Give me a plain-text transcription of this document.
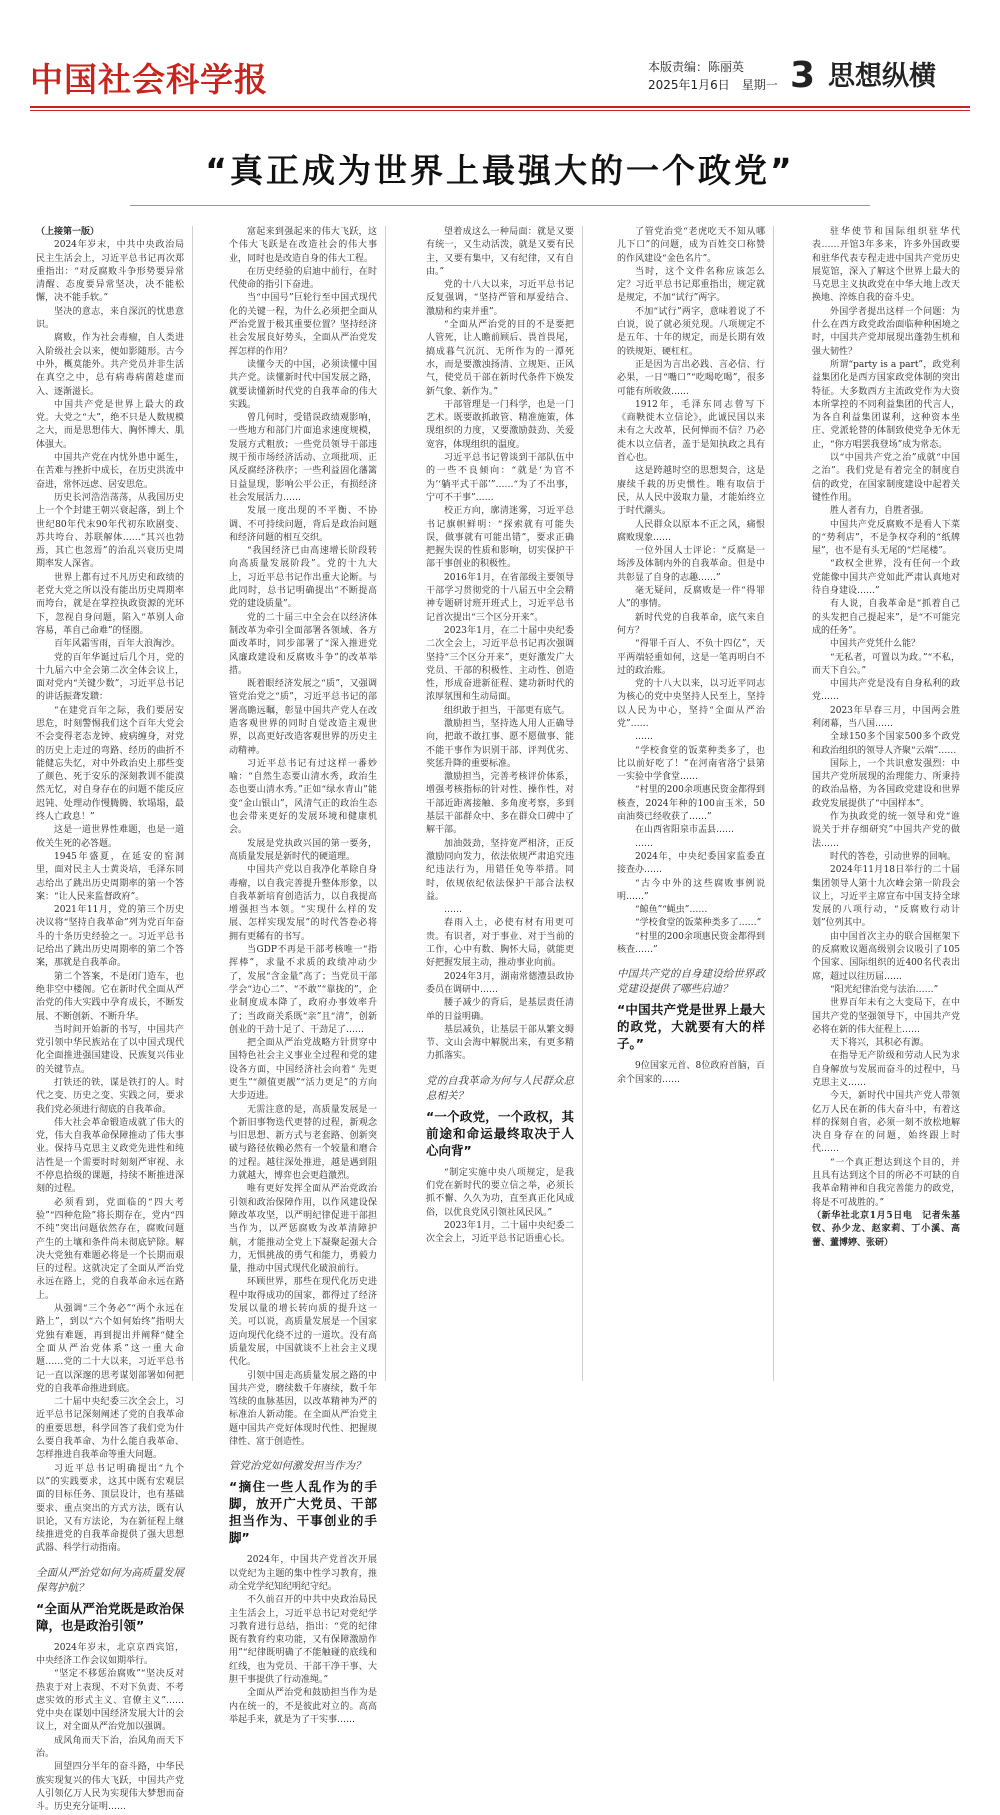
中国社会科学报	本版责编：陈丽英
2025年1月6日　星期一 3 思想纵横
“真正成为世界上最强大的一个政党”

（上接第一版）

2024年岁末，中共中央政治局民主生活会上，习近平总书记再次郑重指出：“对反腐败斗争形势要异常清醒、态度要异常坚决，决不能松懈，决不能手软。”

坚决的意志，来自深沉的忧患意识。

腐败，作为社会毒瘤，自人类进入阶级社会以来，便如影随形。古今中外，概莫能外。共产党员并非生活在真空之中，总有病毒病菌趁虚而入、逐渐滋长。

中国共产党是世界上最大的政党。大党之“大”，绝不只是人数规模之大，而是思想伟大、胸怀博大、肌体强大。

中国共产党在内忧外患中诞生，在苦难与挫折中成长，在历史洪流中奋进，常怀远虑、居安思危。

历史长河浩浩荡荡，从我国历史上一个个封建王朝兴衰起落，到上个世纪80年代末90年代初东欧剧变、苏共垮台、苏联解体……“其兴也勃焉，其亡也忽焉”的治乱兴衰历史周期率发人深省。

世界上都有过不凡历史和政绩的老党大党之所以没有能出历史周期率而垮台，就是在掌控执政资源的光环下，忽视自身问题，陷入“革别人命容易，革自己命难”的怪圈。

百年风霜雪雨，百年大浪淘沙。

党的百年华诞过后几个月，党的十九届六中全会第二次全体会议上，面对党内“关键少数”，习近平总书记的讲话振聋发聩：

“在建党百年之际，我们要居安思危，时刻警惕我们这个百年大党会不会变得老态龙钟、疲病缠身，对党的历史上走过的弯路、经历的曲折不能健忘失忆，对中外政治史上那些变了颜色、死于安乐的深刻教训不能漠然无忆，对自身存在的问题不能反应迟钝、处理动作慢腾腾、软塌塌，最终人亡政息！”

这是一道世界性难题，也是一道攸关生死的必答题。

1945年盛夏，在延安的窑洞里，面对民主人士黄炎培，毛泽东同志给出了跳出历史周期率的第一个答案：“让人民来监督政府”。

2021年11月，党的第三个历史决议将“坚持自我革命”列为党百年奋斗的十条历史经验之一。习近平总书记给出了跳出历史周期率的第二个答案，那就是自我革命。

第二个答案，不是闭门造车，也绝非空中楼阁。它在新时代全面从严治党的伟大实践中孕育成长，不断发展、不断创新、不断升华。

当时间开始新的书写，中国共产党引领中华民族站在了以中国式现代化全面推进强国建设、民族复兴伟业的关键节点。

打铁还的铁，谋是铁打的人。时代之变、历史之变、实践之问，要求我们党必须进行彻底的自我革命。

伟大社会革命锻造成就了伟大的党，伟大自我革命保障推动了伟大事业。保持马克思主义政党先进性和纯洁性是一个需要时时刻刻严审视、永不停息拾级的课题，持续不断推进深刻的过程。

必须看到，党面临的“四大考验”“四种危险”将长期存在，党内“四不纯”突出问题依然存在，腐败问题产生的土壤和条件尚未彻底铲除。解决大党独有难题必将是一个长期而艰巨的过程。这就决定了全面从严治党永远在路上，党的自我革命永远在路上。

从强调“三个务必”“两个永远在路上”，到以“六个如何始终”指明大党独有难题，再到提出并阐释“健全全面从严治党体系”这一重大命题……党的二十大以来，习近平总书记一直以深邃的思考谋划部署如何把党的自我革命推进到底。

二十届中央纪委三次全会上，习近平总书记深刻阐述了党的自我革命的重要思想，科学回答了我们党为什么要自我革命、为什么能自我革命、怎样推进自我革命等重大问题。

习近平总书记明确提出“九个以”的实践要求，这其中既有宏观层面的目标任务、顶层设计，也有基础要求、重点突出的方式方法，既有认识论，又有方法论，为在新征程上继续推进党的自我革命提供了强大思想武器、科学行动指南。

全面从严治党如何为高质量发展保驾护航？
“全面从严治党既是政治保障，也是政治引领”

2024年岁末，北京京西宾馆，中央经济工作会议如期举行。

“坚定不移惩治腐败”“坚决反对热衷于对上表现、不对下负责、不考虑实效的形式主义、官僚主义”……党中央在谋划中国经济发展大计的会议上，对全面从严治党加以强调。

成风角而天下治，治风角而天下治。

回望四分半年的奋斗路，中华民族实现复兴的伟大飞跃，中国共产党人引领亿万人民为实现伟大梦想而奋斗。历史充分证明……

富起来到强起来的伟大飞跃，这个伟大飞跃是在改造社会的伟大事业，同时也是改造自身的伟大工程。

在历史经验的启迪中前行，在时代使命的指引下奋进。

当“中国号”巨轮行至中国式现代化的关键一程，为什么必须把全面从严治党置于极其重要位置？坚持经济社会发展良好势头，全面从严治党发挥怎样的作用？

读懂今天的中国，必须读懂中国共产党。读懂新时代中国发展之路，就要读懂新时代党的自我革命的伟大实践。

曾几何时，受错误政绩观影响，一些地方和部门片面追求速度规模，发展方式粗放；一些党员领导干部违规干预市场经济活动、立项批项、正风反腐经济秩序；一些利益固化藩篱日益显现，影响公平公正，有损经济社会发展活力……

发展一度出现的不平衡、不协调、不可持续问题，背后是政治问题和经济问题的相互交织。

“我国经济已由高速增长阶段转向高质量发展阶段”。党的十九大上，习近平总书记作出重大论断。与此同时，总书记明确提出“不断提高党的建设质量”。

党的二十届三中全会在以经济体制改革为牵引全面部署各领域、各方面改革时，同步部署了“深入推进党风廉政建设和反腐败斗争”的改革举措。

既着眼经济发展之“质”，又强调管党治党之“质”，习近平总书记的部署高瞻远瞩，彰显中国共产党人在改造客观世界的同时自觉改造主观世界，以高更好改造客观世界的历史主动精神。

习近平总书记有过这样一番妙喻：“自然生态要山清水秀，政治生态也要山清水秀。”正如“绿水青山”能变“金山银山”，风清气正的政治生态也会带来更好的发展环境和健康机会。

发展是党执政兴国的第一要务，高质量发展是新时代的硬道理。

中国共产党以自我净化革除自身毒瘤，以自我完善提升整体形象，以自我革新培育创造活力，以自我提高增强担当本领。“实现什么样的发展、怎样实现发展”的时代答卷必将拥有更稀有的书写。

当GDP不再是干部考核唯一“指挥棒”，求量不求质的政绩冲动少了，发展“含金量”高了；当党员干部学会“边心二”、“不敢”“靠拢的”，企业制度成本降了，政府办事效率升了；当政商关系既“亲”且“清”，创新创业的干劲十足了、干劲足了……

把全面从严治党战略方针贯穿中国特色社会主义事业全过程和党的建设各方面，中国经济社会向着“ 先更更生”“颜值更靓”“活力更足”的方向大步迈进。

无需注意的是，高质量发展是一个新旧事物迭代更替的过程，新观念与旧思想、新方式与老套路、创新突破与路径依赖必然有一个较量和磨合的过程。越往深处推进，越是遇到阻力就越大，博弈也会更趋激烈。

唯有更好发挥全面从严治党政治引领和政治保障作用，以作风建设保障改革攻坚，以严明纪律促进干部担当作为，以严惩腐败为改革清障护航，才能推动全党上下凝聚起强大合力，无惧挑战的勇气和能力，勇毅力量，推动中国式现代化破浪前行。

环顾世界，那些在现代化历史进程中取得成功的国家，都得过了经济发展以量的增长转向质的提升这一关。可以说，高质量发展是一个国家迈向现代化绕不过的一道坎。没有高质量发展，中国就谈不上社会主义现代化。

引领中国走高质量发展之路的中国共产党，磨续数千年赓续，数千年笃续的血脉基因，以改革精神为严的标准治人新动能。在全面从严治党主题中国共产党好体现时代性、把握规律性、富于创造性。

管党治党如何激发担当作为？
“摘住一些人乱作为的手脚，放开广大党员、干部担当作为、干事创业的手脚”

2024年，中国共产党首次开展以党纪为主题的集中性学习教育，推动全党学纪知纪明纪守纪。

不久前召开的中共中央政治局民主生活会上，习近平总书记对党纪学习教育进行总结，指出：“党的纪律既有教育约束功能，又有保障激励作用”“纪律既明确了不能触碰的底线和红线，也为党员、干部干净干事、大胆干事提供了行动准绳。”

全面从严治党和鼓励担当作为是内在统一的，不是彼此对立的。高高举起手来，就是为了干实事……

望着成这么一种局面：就是又要有统一，又生动活泼，就是又要有民主，又要有集中，又有纪律，又有自由。”

党的十八大以来，习近平总书记反复强调，“坚持严管和厚爱结合、激励和约束并重”。

“全面从严治党的目的不是要把人管死，让人瞻前顾后、畏首畏尾，搞成暮气沉沉、无所作为的一潭死水，而是要激浊扬清、立规矩、正风气，使党员干部在新时代条件下焕发新气象、新作为。”

干部管理是一门科学，也是一门艺术。既要敢抓敢管、精准施策，体现组织的力度，又要激励鼓劲、关爱宽容，体现组织的温度。

习近平总书记曾谈到干部队伍中的一些不良倾向：“就是‘为官不为’‘躺平式干部’”……“为了不出事，宁可不干事”……

校正方向，廓清迷雾，习近平总书记旗帜鲜明：“探索就有可能失误，做事就有可能出错”，要求正确把握失误的性质和影响，切实保护干部干事创业的积极性。

2016年1月，在省部级主要领导干部学习贯彻党的十八届五中全会精神专题研讨班开班式上，习近平总书记首次提出“三个区分开来”。

2023年1月，在二十届中央纪委二次全会上，习近平总书记再次强调坚持“三个区分开来”，更好激发广大党员、干部的积极性、主动性、创造性，形成奋进新征程、建功新时代的浓厚氛围和生动局面。

组织敢于担当，干部更有底气。

激励担当，坚持选人用人正确导向，把敢不敢扛事、愿不愿做事、能不能干事作为识别干部、评判优劣、奖惩升降的重要标准。

激励担当，完善考核评价体系，增强考核指标的针对性、操作性，对干部近距离接触、多角度考察，多到基层干部群众中、多在群众口碑中了解干部。

加油鼓劲，坚持宽严相济，正反激励同向发力，依法依规严肃追究违纪违法行为，用错任免等举措。同时，依规依纪依法保护干部合法权益。

……

春雨入土，必使有材有用更可贵。有识者，对于事业、对于当前的工作，心中有数、胸怀大局，就能更好把握发展主动，推动事业向前。

2024年3月，湖南常德澧县政协委员在调研中……

腰子减少的背后，是基层责任清单的日益明确。

基层减负，让基层干部从繁文缛节、文山会海中解脱出来，有更多精力抓落实。

党的自我革命为何与人民群众息息相关？
“一个政党，一个政权，其前途和命运最终取决于人心向背”

“制定实施中央八项规定，是我们党在新时代的要立信之举，必须长抓不懈、久久为功，直至真正化风成俗，以优良党风引领社风民风。”

2023年1月，二十届中央纪委二次全会上，习近平总书记语重心长。

了管党治党“老虎吃天不知从哪儿下口”的问题，成为百姓交口称赞的作风建设“金色名片”。

当时，这个文件名称应该怎么定？习近平总书记郑重指出，规定就是规定，不加“试行”两字。

不加“试行”两字，意味着说了不白说，说了就必须兑现。八项规定不是五年、十年的规定，而是长期有效的铁规矩、硬杠杠。

正是因为言出必践、言必信、行必果，一日“嘴口”“吃喝吃喝”，很多可能有所收敛……

1912年，毛泽东同志曾写下《商鞅徙木立信论》，此诚民国以来未有之大改革，民何惮而不信？乃必徙木以立信者，盖于是知执政之具有首心也。

这是跨越时空的思想契合，这是赓续千载的历史惯性。唯有取信于民，从人民中汲取力量，才能始终立于时代潮头。

人民群众以原本不正之风，痛恨腐败现象……

一位外国人士评论：“反腐是一场涉及体制内外的自我革命。但是中共彰显了自身的志趣……”

毫无疑问，反腐败是一件“得罪人”的事情。

新时代党的自我革命，底气来自何方？

“得罪千百人、不负十四亿”，天平两端轻重如何，这是一笔再明白不过的政治账。

党的十八大以来，以习近平同志为核心的党中央坚持人民至上，坚持以人民为中心，坚持“全面从严治党”……

……

“学校食堂的饭菜种类多了，也比以前好吃了！”在河南省洛宁县第一实验中学食堂……

“村里的200余项惠民资金都得到核查，2024年种的100亩玉米，50亩油葵已经收获了……”

在山西省阳泉市盂县……

……

2024年，中央纪委国家监委直接查办……

“古今中外的这些腐败事例说明……”

“鲸鱼”“蝇虫”……

“学校食堂的饭菜种类多了……”

“村里的200余项惠民资金都得到核查……”

中国共产党的自身建设给世界政党建设提供了哪些启迪？
“中国共产党是世界上最大的政党，大就要有大的样子。”

9位国家元首、8位政府首脑，百余个国家的……

驻华使节和国际组织驻华代表……开馆3年多来，许多外国政要和驻华代表专程走进中国共产党历史展览馆，深入了解这个世界上最大的马克思主义执政党在中华大地上改天换地、淬炼自我的奋斗史。

外国学者提出这样一个问题：为什么在西方政党政治面临种种困境之时，中国共产党却展现出蓬勃生机和强大韧性？

所谓“party is a part”，政党利益集团化是西方国家政党体制的突出特征。大多数西方主流政党作为大资本所掌控的不同利益集团的代言人，为各自利益集团谋利，这种资本坐庄、党派轮替的体制致使党争无休无止，“你方唱罢我登场”成为常态。

以“中国共产党之治”成就“中国之治”。我们党是有着完全的制度自信的政党，在国家制度建设中起着关键性作用。

胜人者有力，自胜者强。

中国共产党反腐败不是看人下菜的“势利店”，不是争权夺利的“纸牌屋”，也不是有头无尾的“烂尾楼”。

“政权全世界，没有任何一个政党能像中国共产党如此严肃认真地对待自身建设……”

有人说，自我革命是“抓着自己的头发把自己提起来”，是“不可能完成的任务”。

中国共产党凭什么能？

“无私者，可置以为政。”“不私，而天下自公。”

中国共产党是没有自身私利的政党……

2023年早春三月，中国两会胜利闭幕，当八国……

全球150多个国家500多个政党和政治组织的领导人齐聚“云端”……

国际上，一个共识愈发强烈：中国共产党所展现的治理能力、所秉持的政治品格，为各国政党建设和世界政党发展提供了“中国样本”。

作为执政党的统一领导和党“谁说关于并存细研究”中国共产党的做法……

时代的答卷，引动世界的回响。

2024年11月18日举行的二十届集团领导人第十九次峰会第一阶段会议上，习近平主席宣布中国支持全球发展的八项行动，“反腐败行动计划”位列其中。

由中国首次主办的联合国框架下的反腐败议题高级别会议吸引了105个国家、国际组织的近400名代表出席，超过以往历届……

“阳光纪律治党与法治……”

世界百年未有之大变局下，在中国共产党的坚强领导下，中国共产党必将在新的伟大征程上……

天下将兴，其积必有源。

在指导无产阶级和劳动人民为求自身解放与发展而奋斗的过程中，马克思主义……

今天，新时代中国共产党人带领亿万人民在新的伟大奋斗中，有着这样的探刻自省，必须一刻不放松地解决自身存在的问题，始终跟上时代……

“一个真正想达到这个目的，并且具有达到这个目的所必不可缺的自我革命精神和自我完善能力的政党，将是不可战胜的。”

（新华社北京1月5日电　记者朱基钗、孙少龙、赵家莉、丁小溪、高蕾、董博婷、张研）
